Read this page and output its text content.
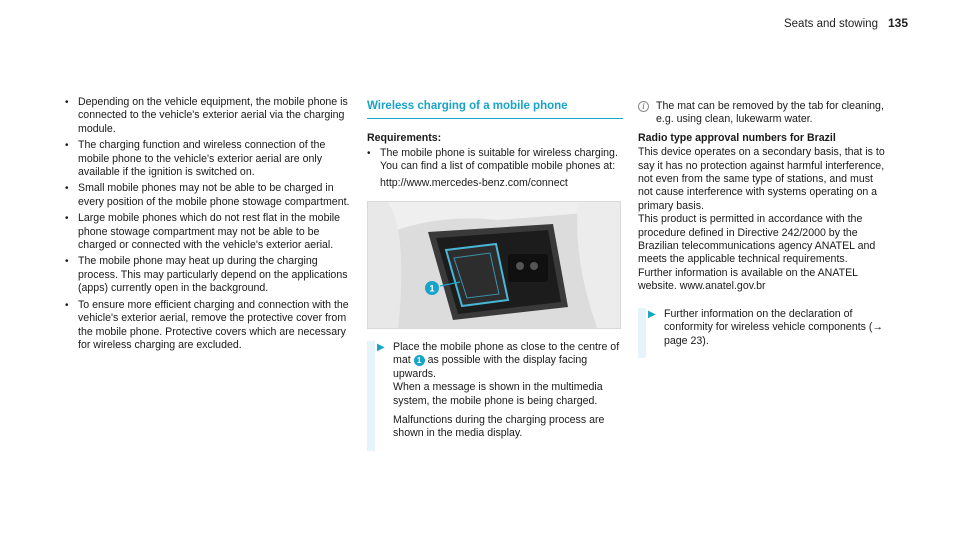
Seats and stowing 135
• Depending on the vehicle equipment, the mobile phone is connected to the vehicle's exterior aerial via the charging module.
• The charging function and wireless connection of the mobile phone to the vehicle's exterior aerial are only available if the ignition is switched on.
• Small mobile phones may not be able to be charged in every position of the mobile phone stowage compartment.
• Large mobile phones which do not rest flat in the mobile phone stowage compartment may not be able to be charged or connected with the vehicle's exterior aerial.
• The mobile phone may heat up during the charging process. This may particularly depend on the applications (apps) currently open in the background.
• To ensure more efficient charging and connection with the vehicle's exterior aerial, remove the protective cover from the mobile phone. Protective covers which are necessary for wireless charging are excluded.
Wireless charging of a mobile phone
Requirements:
• The mobile phone is suitable for wireless charging. You can find a list of compatible mobile phones at:
http://www.mercedes-benz.com/connect
1
▶ Place the mobile phone as close to the centre of mat 1 as possible with the display facing upwards.
When a message is shown in the multimedia system, the mobile phone is being charged.

Malfunctions during the charging process are shown in the media display.

i	The mat can be removed by the tab for cleaning, e.g. using clean, lukewarm water.
Radio type approval numbers for Brazil

This device operates on a secondary basis, that is to say it has no protection against harmful interference, not even from the same type of stations, and must not cause interference with systems operating on a primary basis.

This product is permitted in accordance with the procedure defined in Directive 242/2000 by the Brazilian telecommunications agency ANATEL and meets the applicable technical requirements.

Further information is available on the ANATEL website. www.anatel.gov.br

▶ Further information on the declaration of conformity for wireless vehicle components (→ page 23).
